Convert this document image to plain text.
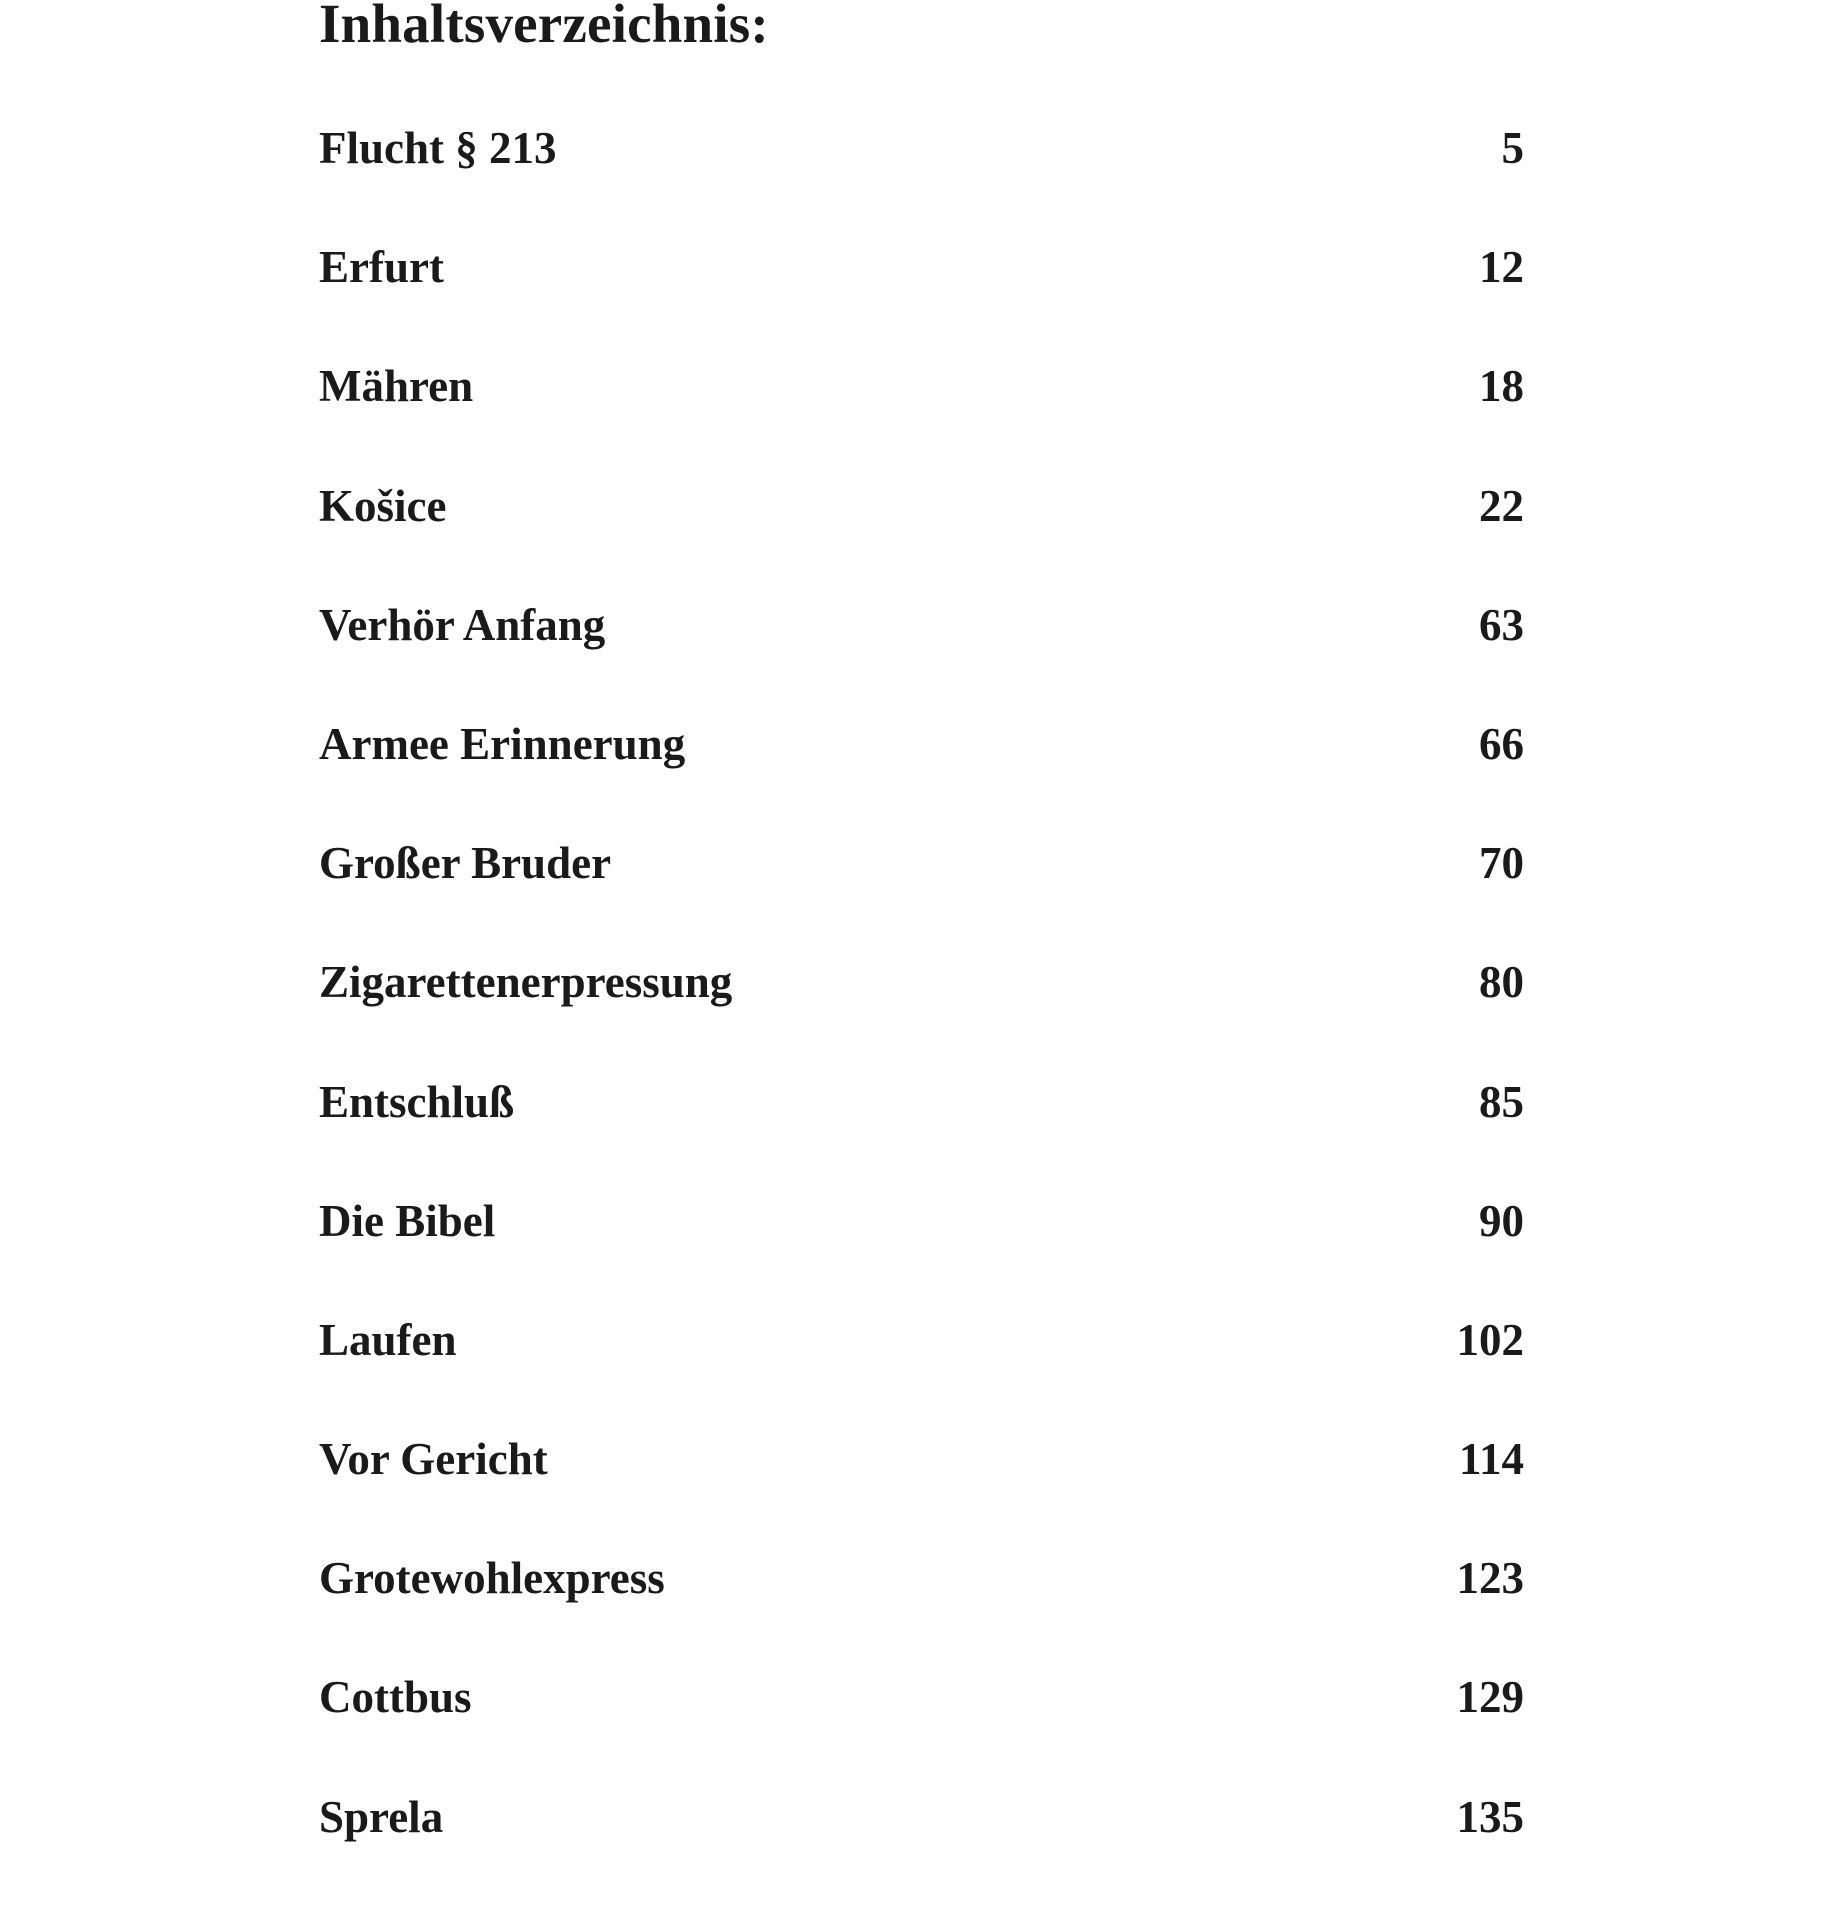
Inhaltsverzeichnis:
Flucht § 213	5
Erfurt	12
Mähren	18
Košice	22
Verhör Anfang	63
Armee Erinnerung	66
Großer Bruder	70
Zigarettenerpressung	80
Entschluß	85
Die Bibel	90
Laufen	102
Vor Gericht	114
Grotewohlexpress	123
Cottbus	129
Sprela	135
